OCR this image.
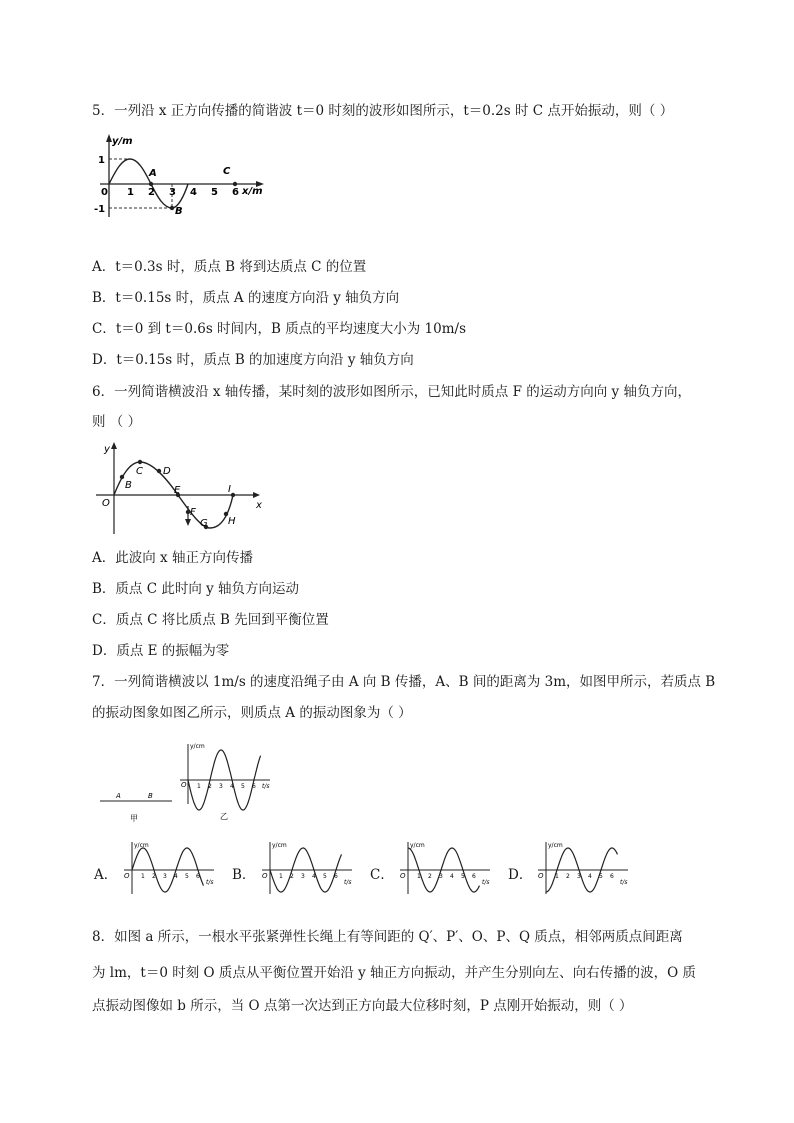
5．一列沿 x 正方向传播的简谐波 t＝0 时刻的波形如图所示，t＝0.2s 时 C 点开始振动，则（ ）
y/m
x/m
1
-1
0 1 2 3 4 5 6
A
B
C
A．t＝0.3s 时，质点 B 将到达质点 C 的位置
B．t＝0.15s 时，质点 A 的速度方向沿 y 轴负方向
C．t＝0 到 t＝0.6s 时间内，B 质点的平均速度大小为 10m/s
D．t＝0.15s 时，质点 B 的加速度方向沿 y 轴负方向
6．一列简谐横波沿 x 轴传播，某时刻的波形如图所示，已知此时质点 F 的运动方向向 y 轴负方向，
则 （ ）
y
x
O
B
C D
E
F
G H
I
A．此波向 x 轴正方向传播
B．质点 C 此时向 y 轴负方向运动
C．质点 C 将比质点 B 先回到平衡位置
D．质点 E 的振幅为零
7．一列简谐横波以 1m/s 的速度沿绳子由 A 向 B 传播，A、B 间的距离为 3m，如图甲所示，若质点 B
的振动图象如图乙所示，则质点 A 的振动图象为（ ）
A	B
甲
y/cm
t/s
O 1 2 3 4 5 6
乙
A．
y/cm
t/s
O 1 2 3 4 5 6 B．
y/cm
t/s
O 1 2 3 4 5 6 C．
y/cm
t/s
O 1 2 3 4 5 6 D．
y/cm
t/s
O 1 2 3 4 5 6
8．如图 a 所示，一根水平张紧弹性长绳上有等间距的 Q′、P′、O、P、Q 质点，相邻两质点间距离
为 lm，t＝0 时刻 O 质点从平衡位置开始沿 y 轴正方向振动，并产生分别向左、向右传播的波，O 质
点振动图像如 b 所示，当 O 点第一次达到正方向最大位移时刻，P 点刚开始振动，则（ ）
